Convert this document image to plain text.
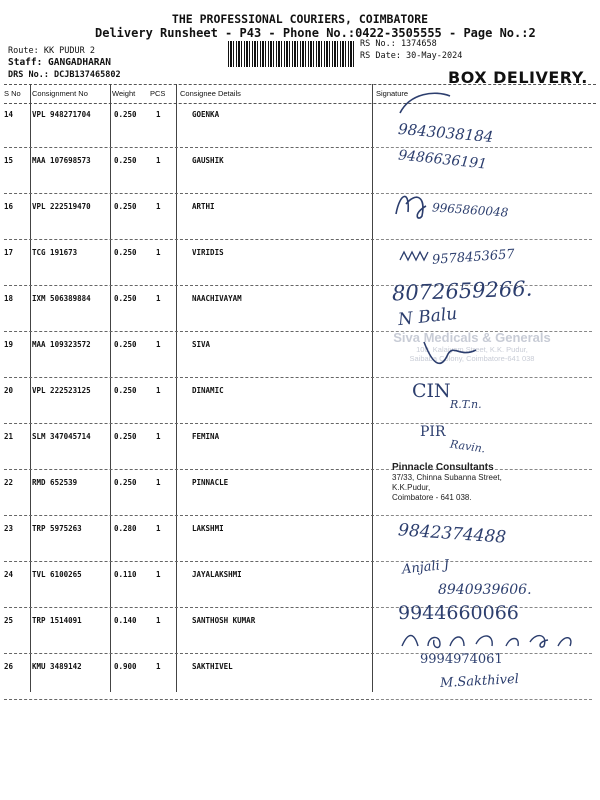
THE PROFESSIONAL COURIERS, COIMBATORE
Delivery Runsheet - P43 - Phone No.:0422-3505555 - Page No.:2
Route: KK PUDUR 2
Staff: GANGADHARAN
DRS No.: DCJB137465802
RS No.: 1374658
RS Date: 30-May-2024
BOX DELIVERY.
S No Consignment No	Weight PCS Consignee Details	Signature
14	VPL 948271704	0.250	1	GOENKA
15	MAA 107698573	0.250	1	GAUSHIK
16	VPL 222519470	0.250	1	ARTHI
17	TCG 191673	0.250	1	VIRIDIS
18	IXM 506389884	0.250	1	NAACHIVAYAM
19	MAA 109323572	0.250	1	SIVA
20	VPL 222523125	0.250	1	DINAMIC
21	SLM 347045714	0.250	1	FEMINA
22	RMD 652539	0.250	1	PINNACLE
23	TRP 5975263	0.280	1	LAKSHMI
24	TVL 6100265	0.110	1	JAYALAKSHMI
25	TRP 1514091	0.140	1	SANTHOSH KUMAR
26	KMU 3489142	0.900	1	SAKTHIVEL
9843038184
9486636191
9965860048
9578453657
8072659266.
N Balu
Siva Medicals & Generals
100, Kalaiyam Street, K.K. Pudur,
Saibaba Colony, Coimbatore-641 038
CIN
R.T.n.
PIR
Ravin.
Pinnacle Consultants
37/33, Chinna Subanna Street,
K.K.Pudur,
Coimbatore - 641 038.
9842374488
Anjali J
8940939606.
9944660066
9994974061
M.Sakthivel
